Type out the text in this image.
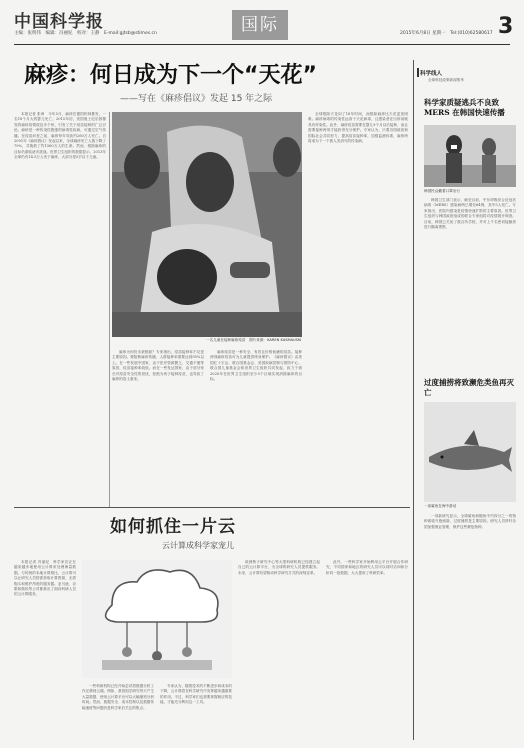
中国科学报
主编：张明伟　编辑：冯丽妃　校对：王静　E-mail:gjtsb@stimes.cn	国际	2015年6月8日 星期一　Tel:(010)62580617 3
麻疹：何日成为下一个“天花”
——写在《麻疹倡议》发起 15 年之际
一名儿童在接种麻疹疫苗　图片来源：KAREN KASMAUSKI

本报记者 张章　今年5月，麻疹在德国柏林暴发，一名18个月大的婴儿死亡。2015年初，美国迪士尼乐园暴发的麻疹疫情波及多个州，引发了关于疫苗接种的广泛讨论。麻疹是一种传染性极强的病毒性疾病，可通过空气传播。在疫苗问世之前，麻疹每年导致约260万人死亡。自2001年《麻疹倡议》发起以来，全球麻疹死亡人数下降了79%，共挽救了约1560万人的生命。然而，根除麻疹的目标仍面临诸多挑战。世界卫生组织的数据显示，2013年全球仍有14.5万人死于麻疹，大部分是5岁以下儿童。

麻疹为何仍未被根除？专家指出，疫苗接种率不足是主要原因。要阻断麻疹传播，人群接种率需要达到95%以上。在一些发展中国家，由于医疗资源匮乏、交通不便等原因，疫苗接种率较低。而在一些发达国家，由于部分家长对疫苗安全性的担忧，拒绝为孩子接种疫苗，也导致了麻疹的卷土重来。

麻疹疫苗是一种安全、有效且价格低廉的疫苗。接种两剂麻疹疫苗可为儿童提供终身保护。《麻疹倡议》由美国红十字会、联合国基金会、美国疾病控制与预防中心、联合国儿童基金会和世界卫生组织共同发起，致力于到2020年在世界卫生组织至少5个区域实现消除麻疹的目标。

全球根除天花用了18年时间，而根除麻疹比天花更加困难。麻疹病毒的传染性远高于天花病毒，且感染者在出疹前就具有传染性。此外，麻疹疫苗需要在婴儿9个月以后接种，而且需要接种两剂才能获得充分保护。专家认为，只要各国政府和国际社会共同努力，提高疫苗接种率，加强监测体系，麻疹终将成为下一个被人类消灭的传染病。

科学线人
全球科技政策新闻集萃
科学家质疑逃兵不良致 MERS 在韩国快速传播
韩国民众戴着口罩出行

韩国卫生部门表示，截至目前，中东呼吸综合征冠状病毒（MERS）感染病例已增至64例，其中5人死亡。专家指出，医院内感染是疫情快速扩散的主要原因。世界卫生组织与韩国政府组成的联合专家组将对疫情展开调查。目前，韩国已关闭了数百所学校，并对上千名密切接触者进行隔离观察。

过度捕捞将致濒危类鱼再灭亡
一条鲨鱼在海中游动

一项新研究显示，全球鲨鱼和鳐鱼中约四分之一的物种面临灭绝威胁，过度捕捞是主要原因。研究人员呼吁各国加强渔业管理，保护这些濒危物种。

如何抓住一片云
云计算成科学家宠儿

本报记者 冯丽妃　科学家们正在越来越多地使用云计算来处理海量数据。与传统的本地计算相比，云计算可以让研究人员按需获取计算资源，无需购买和维护昂贵的服务器。亚马逊、谷歌和微软等公司都推出了面向科研人员的云计算服务。

一些科研机构已经开始尝试将数据分析工作迁移到云端。例如，基因组学研究每天产生大量数据，使用云计算平台可以大幅缩短分析时间。然而，数据安全、成本控制以及数据传输速度等问题仍是科学家们关注的焦点。

专家认为，随着技术的不断进步和成本的下降，云计算将在科学研究中发挥越来越重要的作用。不过，科学家们也需要掌握相应的技能，才能充分利用这一工具。

欧洲核子研究中心等大型科研机构已经建立起自己的云计算平台，为全球的研究人员提供服务。未来，云计算有望推动科学研究方式的深刻变革。

此外，一些科学家开始利用云平台开展合作研究，不同国家和地区的研究人员可以同时访问和分析同一批数据，大大提高了科研效率。
